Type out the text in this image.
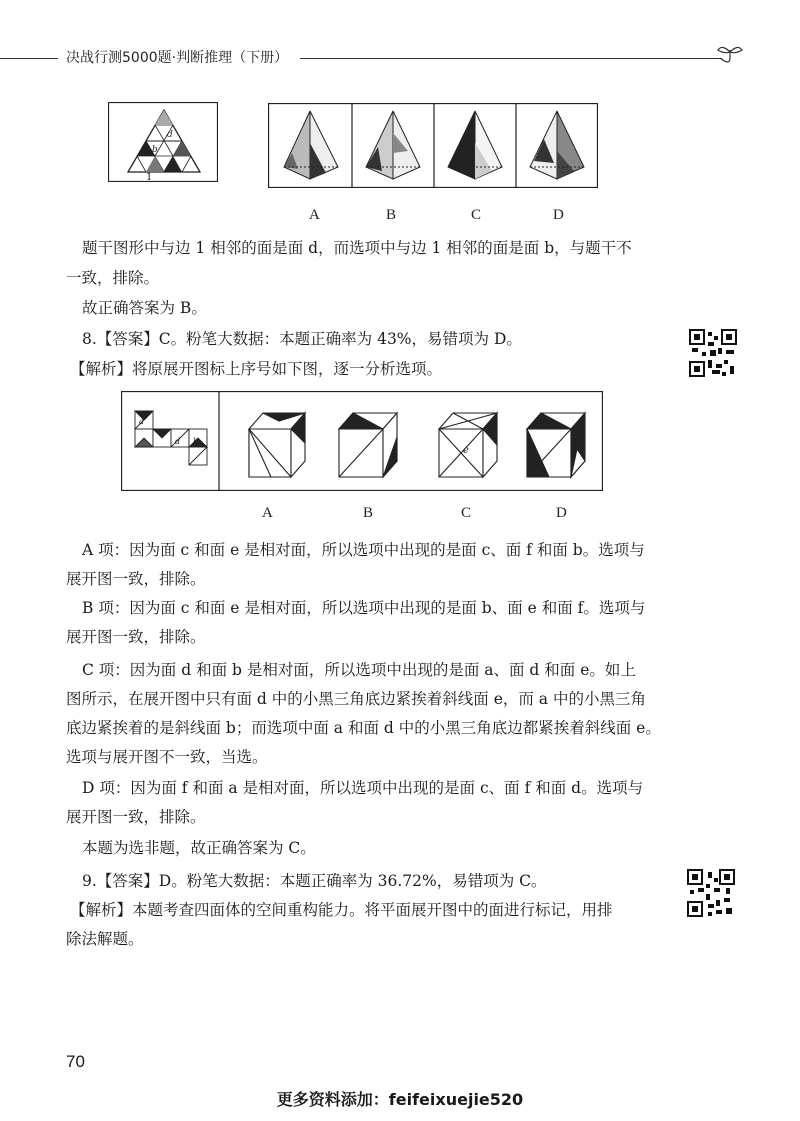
决战行测5000题·判断推理（下册）
d
b
1
A	B	C	D
题干图形中与边 1 相邻的面是面 d，而选项中与边 1 相邻的面是面 b，与题干不
一致，排除。
故正确答案为 B。
8.【答案】C。粉笔大数据：本题正确率为 43%，易错项为 D。
【解析】将原展开图标上序号如下图，逐一分析选项。
a
d b
e
A	B	C	D
A 项：因为面 c 和面 e 是相对面，所以选项中出现的是面 c、面 f 和面 b。选项与
展开图一致，排除。
B 项：因为面 c 和面 e 是相对面，所以选项中出现的是面 b、面 e 和面 f。选项与
展开图一致，排除。
C 项：因为面 d 和面 b 是相对面，所以选项中出现的是面 a、面 d 和面 e。如上
图所示，在展开图中只有面 d 中的小黑三角底边紧挨着斜线面 e，而 a 中的小黑三角
底边紧挨着的是斜线面 b；而选项中面 a 和面 d 中的小黑三角底边都紧挨着斜线面 e。
选项与展开图不一致，当选。
D 项：因为面 f 和面 a 是相对面，所以选项中出现的是面 c、面 f 和面 d。选项与
展开图一致，排除。
本题为选非题，故正确答案为 C。
9.【答案】D。粉笔大数据：本题正确率为 36.72%，易错项为 C。
【解析】本题考查四面体的空间重构能力。将平面展开图中的面进行标记，用排
除法解题。
70
更多资料添加：feifeixuejie520
